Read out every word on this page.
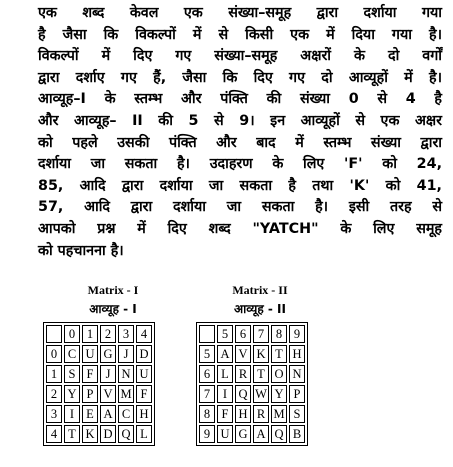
एक शब्द केवल एक संख्या–समूह द्वारा दर्शाया गया
है जैसा कि विकल्पों में से किसी एक में दिया गया है।
विकल्पों में दिए गए संख्या–समूह अक्षरों के दो वर्गों
द्वारा दर्शाए गए हैं, जैसा कि दिए गए दो आव्यूहों में है।
आव्यूह–I के स्तम्भ और पंक्ति की संख्या 0 से 4 है
और आव्यूह– II की 5 से 9। इन आव्यूहों से एक अक्षर
को पहले उसकी पंक्ति और बाद में स्तम्भ संख्या द्वारा
दर्शाया जा सकता है। उदाहरण के लिए 'F' को 24,
85, आदि द्वारा दर्शाया जा सकता है तथा 'K' को 41,
57, आदि द्वारा दर्शाया जा सकता है। इसी तरह से
आपको प्रश्न में दिए शब्द "YATCH" के लिए समूह
को पहचानना है।
Matrix - I
आव्यूह - I
	0	1	2	3	4
0	C	U	G	J	D
1	S	F	J	N	U
2	Y	P	V	M	F
3	I	E	A	C	H
4	T	K	D	Q	L
Matrix - II
आव्यूह - II
	5	6	7	8	9
5	A	V	K	T	H
6	L	R	T	O	N
7	I	Q	W	Y	P
8	F	H	R	M	S
9	U	G	A	Q	B
